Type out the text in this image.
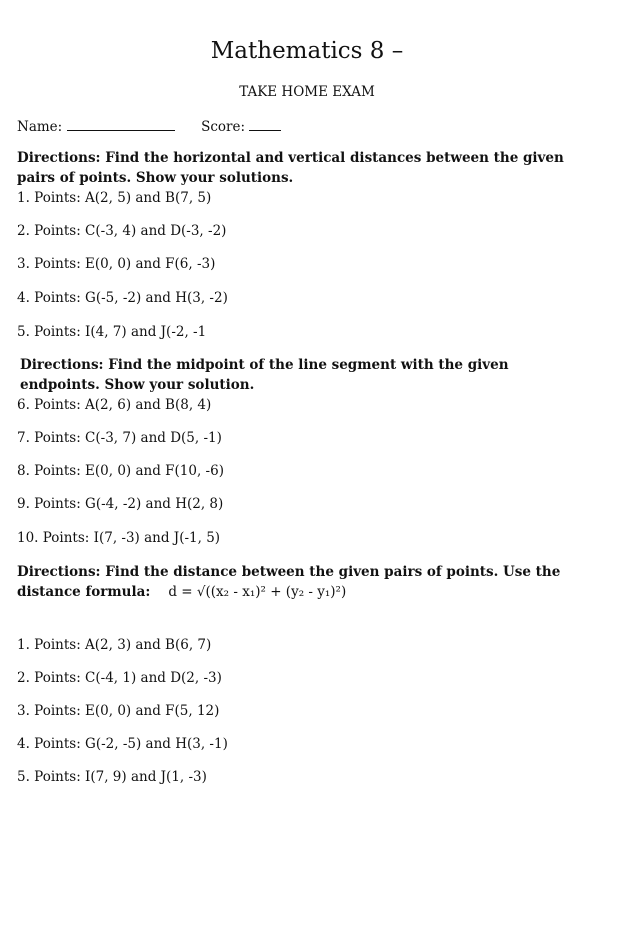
Mathematics 8 –
TAKE HOME EXAM
Name:	Score:
Directions: Find the horizontal and vertical distances between the given pairs of points. Show your solutions.
1. Points: A(2, 5) and B(7, 5)
2. Points: C(-3, 4) and D(-3, -2)
3. Points: E(0, 0) and F(6, -3)
4. Points: G(-5, -2) and H(3, -2)
5. Points: I(4, 7) and J(-2, -1
Directions: Find the midpoint of the line segment with the given endpoints. Show your solution.
6. Points: A(2, 6) and B(8, 4)
7. Points: C(-3, 7) and D(5, -1)
8. Points: E(0, 0) and F(10, -6)
9. Points: G(-4, -2) and H(2, 8)
10. Points: I(7, -3) and J(-1, 5)
Directions: Find the distance between the given pairs of points. Use the distance formula: d = √((x₂ - x₁)² + (y₂ - y₁)²)
1. Points: A(2, 3) and B(6, 7)
2. Points: C(-4, 1) and D(2, -3)
3. Points: E(0, 0) and F(5, 12)
4. Points: G(-2, -5) and H(3, -1)
5. Points: I(7, 9) and J(1, -3)
